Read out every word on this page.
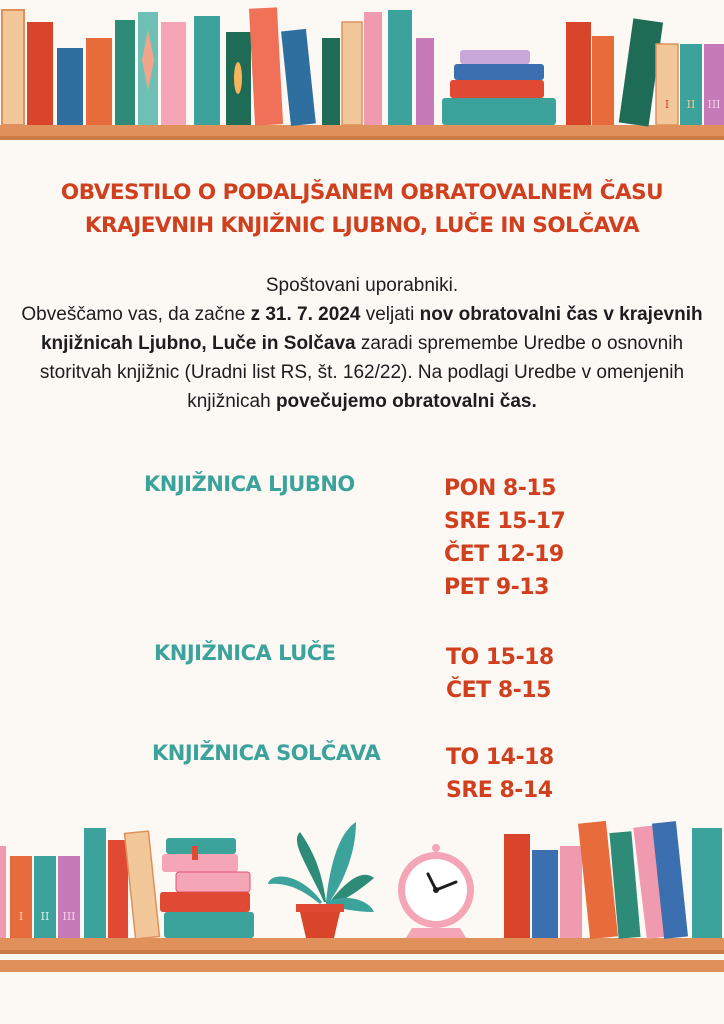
I II III
OBVESTILO O PODALJŠANEM OBRATOVALNEM ČASU
KRAJEVNIH KNJIŽNIC LJUBNO, LUČE IN SOLČAVA
Spoštovani uporabniki.
Obveščamo vas, da začne z 31. 7. 2024 veljati nov obratovalni čas v krajevnih knjižnicah Ljubno, Luče in Solčava zaradi spremembe Uredbe o osnovnih storitvah knjižnic (Uradni list RS, št. 162/22). Na podlagi Uredbe v omenjenih knjižnicah povečujemo obratovalni čas.
KNJIŽNICA LJUBNO	PON 8-15
SRE 15-17
ČET 12-19
PET 9-13
KNJIŽNICA LUČE	TO 15-18
ČET 8-15
KNJIŽNICA SOLČAVA	TO 14-18
SRE 8-14
I II III
